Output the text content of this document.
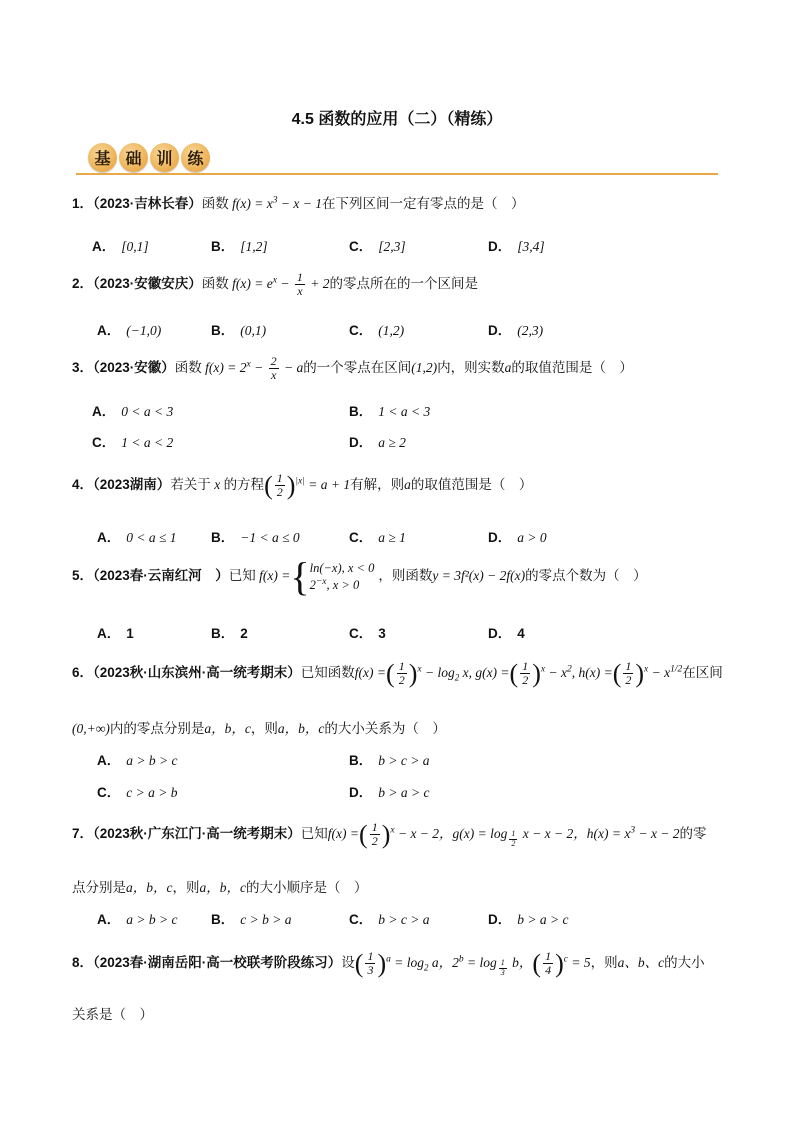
4.5 函数的应用（二）（精练）
基 础 训 练
1．（2023·吉林长春）函数 $f(x) = x^3 - x - 1$在下列区间一定有零点的是（　）
A． [0,1]	B． [1,2]	C． [2,3]	D． [3,4]
2．（2023·安徽安庆）函数 $f(x) = e^x - \frac{1}{x} + 2$的零点所在的一个区间是
A． (−1,0)	B． (0,1)	C． (1,2)	D． (2,3)
3．（2023·安徽）函数 $f(x) = 2^x - \frac{2}{x} - a$的一个零点在区间(1,2)内，则实数a的取值范围是（　）
A． 0 < a < 3	B． 1 < a < 3
C． 1 < a < 2	D． a ≥ 2
4．（2023湖南）若关于 x 的方程( $\frac{1}{2} )^{|x|} = a + 1$有解，则a的取值范围是（　）
A． 0 < a ≤ 1	B． −1 < a ≤ 0	C． a ≥ 1	D． a > 0
5．（2023春·云南红河　）已知 f(x) ={ ln(−x), x < 0
$2^{-x}$, x > 0
，则函数y = 3f²(x) − 2f(x)的零点个数为（　）
A． 1	B． 2	C． 3	D． 4
6．（2023秋·山东滨州·高一统考期末）已知函数f(x) =( $\frac{1}{2} )^x - \log_2 x$, g(x) =( $\frac{1}{2} )^x - x^2$, h(x) =( $\frac{1}{2} )^x - x^{1/2}$在区间
(0,+∞)内的零点分别是a，b，c，则a，b，c的大小关系为（　）
A． a > b > c	B． b > c > a
C． c > a > b	D． b > a > c
7．（2023秋·广东江门·高一统考期末）已知f(x) =( $\frac{1}{2} )^x - x - 2$，g(x) = log $_{\frac{1}{2}}$ x − x − 2，$h(x) = x^3 - x - 2$的零
点分别是a，b，c，则a，b，c的大小顺序是（　）
A． a > b > c B． c > b > a	C． b > c > a	D． b > a > c
8．（2023春·湖南岳阳·高一校联考阶段练习）设( $\frac{1}{3} )^a = \log_2 a$，$2^b = \log _{\frac{1}{3}}$ b，( $\frac{1}{4} )^c = 5$，则a、b、c的大小
关系是（　）
